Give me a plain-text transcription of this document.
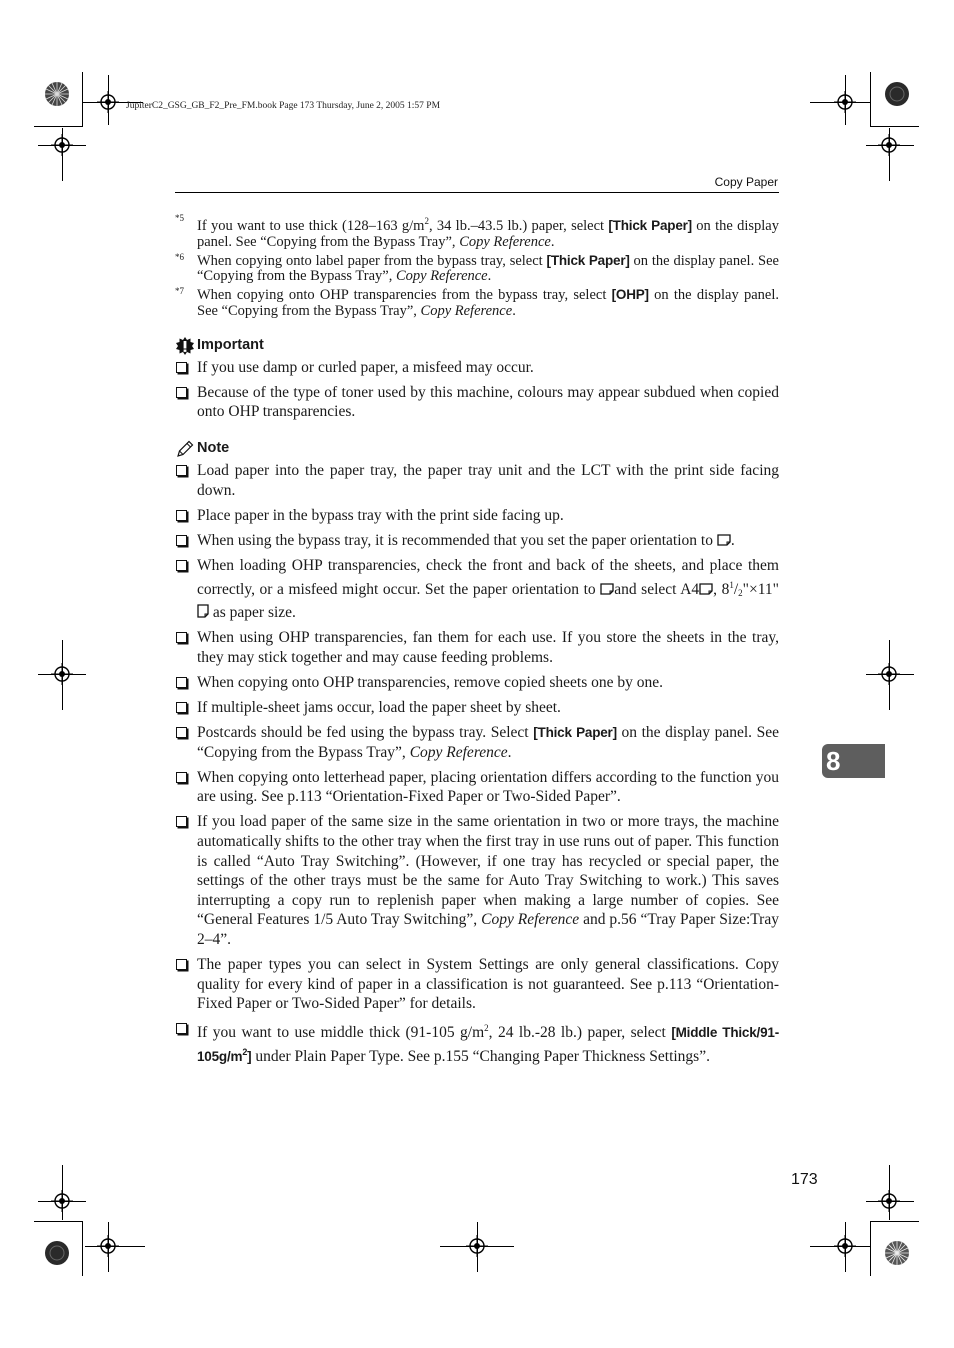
JupiterC2_GSG_GB_F2_Pre_FM.book Page 173 Thursday, June 2, 2005 1:57 PM
Copy Paper
*5 If you want to use thick (128–163 $g/m^2$, 34 lb.–43.5 lb.) paper, select [Thick Paper] on the display panel. See “Copying from the Bypass Tray”, Copy Reference.

*6 When copying onto label paper from the bypass tray, select [Thick Paper] on the display panel. See “Copying from the Bypass Tray”, Copy Reference.

*7 When copying onto OHP transparencies from the bypass tray, select [OHP] on the display panel. See “Copying from the Bypass Tray”, Copy Reference.

Important

If you use damp or curled paper, a misfeed may occur.

Because of the type of toner used by this machine, colours may appear subdued when copied onto OHP transparencies.

Note

Load paper into the paper tray, the paper tray unit and the LCT with the print side facing down.

Place paper in the bypass tray with the print side facing up.

When using the bypass tray, it is recommended that you set the paper orientation to .

When loading OHP transparencies, check the front and back of the sheets, and place them correctly, or a misfeed might occur. Set the paper orientation to and select A4 , $8^1/_2"\times 11$" as paper size.

When using OHP transparencies, fan them for each use. If you store the sheets in the tray, they may stick together and may cause feeding problems.

When copying onto OHP transparencies, remove copied sheets one by one.

If multiple-sheet jams occur, load the paper sheet by sheet.

Postcards should be fed using the bypass tray. Select [Thick Paper] on the display panel. See “Copying from the Bypass Tray”, Copy Reference.

When copying onto letterhead paper, placing orientation differs according to the function you are using. See p.113 “Orientation-Fixed Paper or Two-Sided Paper”.

If you load paper of the same size in the same orientation in two or more trays, the machine automatically shifts to the other tray when the first tray in use runs out of paper. This function is called “Auto Tray Switching”. (However, if one tray has recycled or special paper, the settings of the other trays must be the same for Auto Tray Switching to work.) This saves interrupting a copy run to replenish paper when making a large number of copies. See “General Features 1/5 Auto Tray Switching”, Copy Reference and p.56 “Tray Paper Size:Tray 2–4”.

The paper types you can select in System Settings are only general classifications. Copy quality for every kind of paper in a classification is not guaranteed. See p.113 “Orientation-Fixed Paper or Two-Sided Paper” for details.

If you want to use middle thick (91-105 $g/m^2$, 24 lb.-28 lb.) paper, select [Middle Thick/$91-105g/m^2$] under Plain Paper Type. See p.155 “Changing Paper Thickness Settings”.

8
173
